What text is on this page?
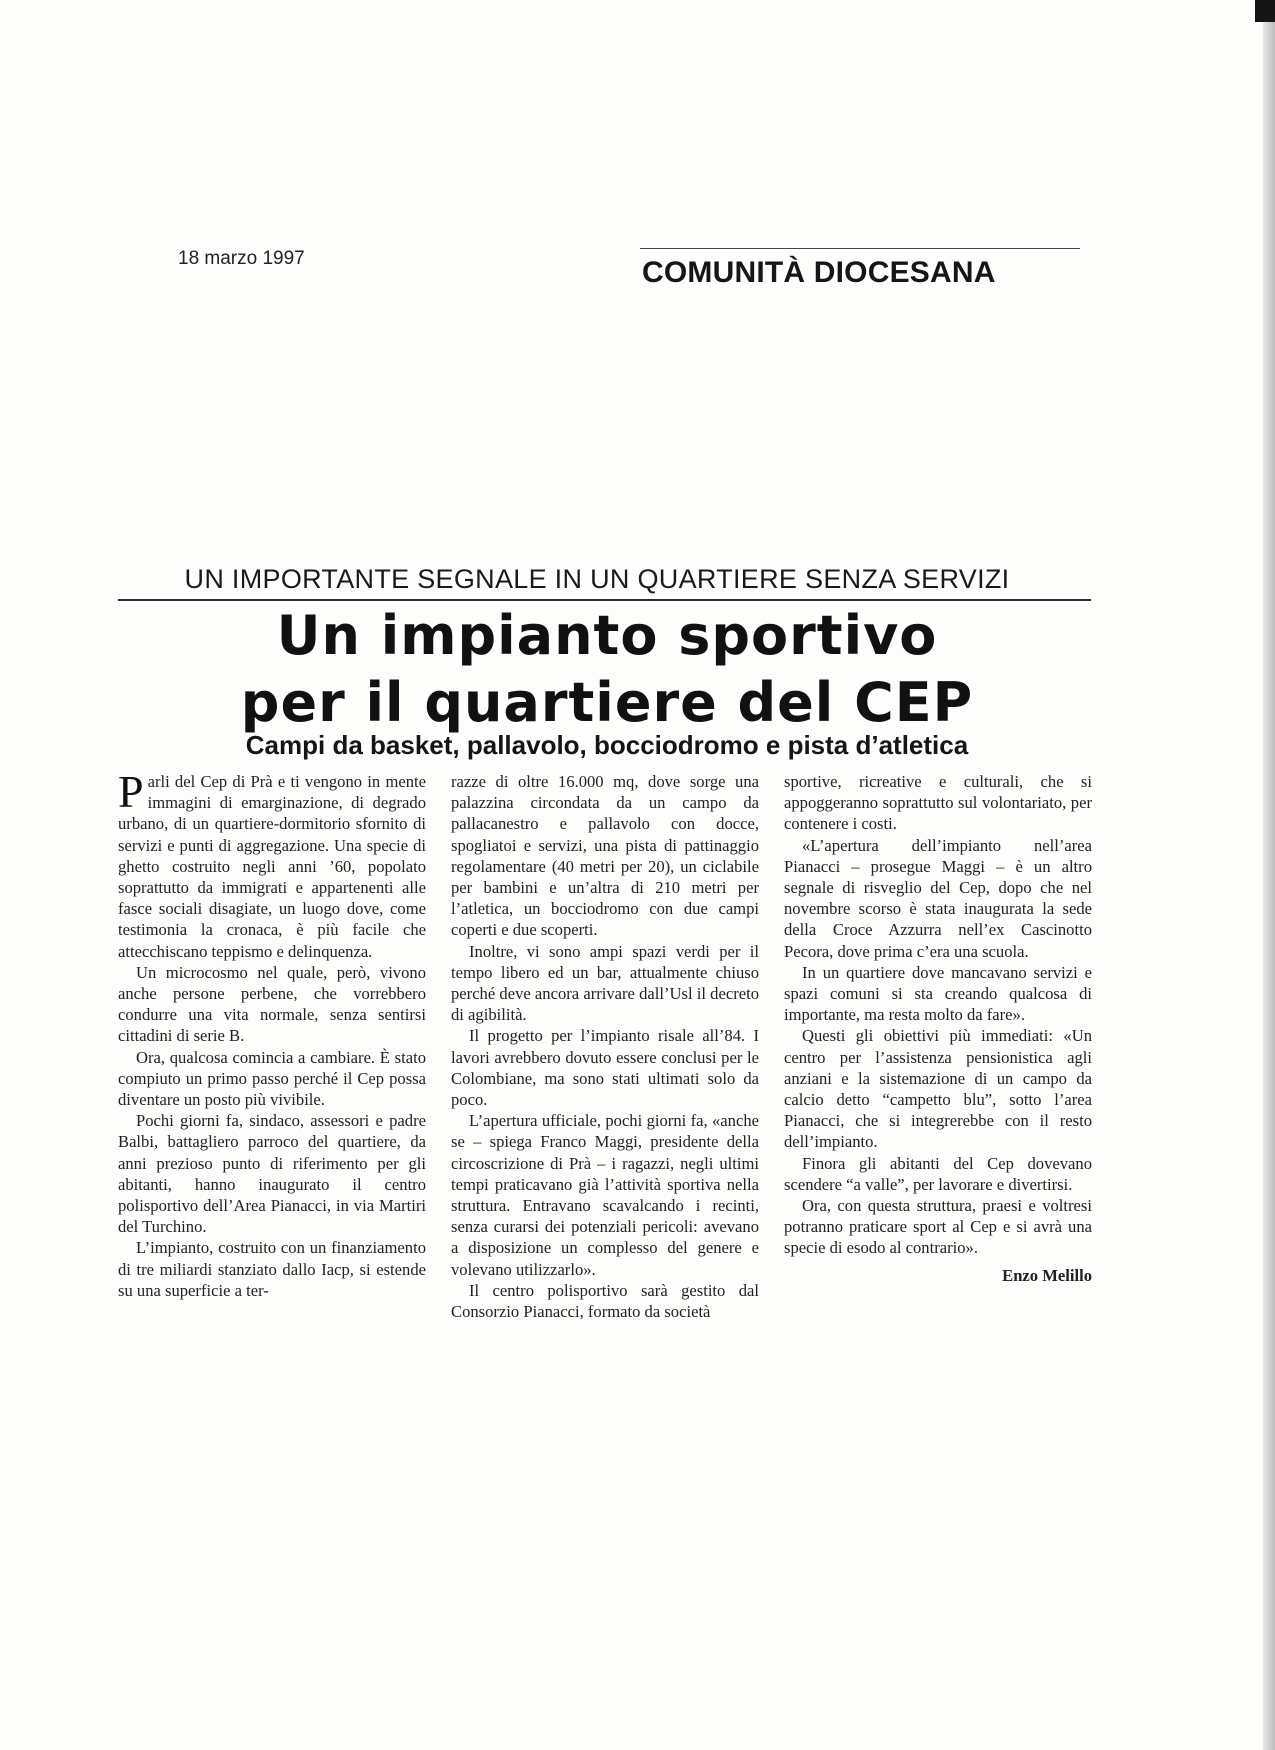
18 marzo 1997	COMUNITÀ DIOCESANA
UN IMPORTANTE SEGNALE IN UN QUARTIERE SENZA SERVIZI
Un impianto sportivo
per il quartiere del CEP
Campi da basket, pallavolo, bocciodromo e pista d’atletica

Parli del Cep di Prà e ti vengono in mente immagini di emarginazione, di degrado urbano, di un quartiere-dormitorio sfornito di servizi e punti di aggregazione. Una specie di ghetto costruito negli anni ’60, popolato soprattutto da immigrati e appartenenti alle fasce sociali disagiate, un luogo dove, come testimonia la cronaca, è più facile che attecchiscano teppismo e delinquenza.

Un microcosmo nel quale, però, vivono anche persone perbene, che vorrebbero condurre una vita normale, senza sentirsi cittadini di serie B.

Ora, qualcosa comincia a cambiare. È stato compiuto un primo passo perché il Cep possa diventare un posto più vivibile.

Pochi giorni fa, sindaco, assessori e padre Balbi, battagliero parroco del quartiere, da anni prezioso punto di riferimento per gli abitanti, hanno inaugurato il centro polisportivo dell’Area Pianacci, in via Martiri del Turchino.

L’impianto, costruito con un finanziamento di tre miliardi stanziato dallo Iacp, si estende su una superficie a ter-

razze di oltre 16.000 mq, dove sorge una palazzina circondata da un campo da pallacanestro e pallavolo con docce, spogliatoi e servizi, una pista di pattinaggio regolamentare (40 metri per 20), un ciclabile per bambini e un’altra di 210 metri per l’atletica, un bocciodromo con due campi coperti e due scoperti.

Inoltre, vi sono ampi spazi verdi per il tempo libero ed un bar, attualmente chiuso perché deve ancora arrivare dall’Usl il decreto di agibilità.

Il progetto per l’impianto risale all’84. I lavori avrebbero dovuto essere conclusi per le Colombiane, ma sono stati ultimati solo da poco.

L’apertura ufficiale, pochi giorni fa, «anche se – spiega Franco Maggi, presidente della circoscrizione di Prà – i ragazzi, negli ultimi tempi praticavano già l’attività sportiva nella struttura. Entravano scavalcando i recinti, senza curarsi dei potenziali pericoli: avevano a disposizione un complesso del genere e volevano utilizzarlo».

Il centro polisportivo sarà gestito dal Consorzio Pianacci, formato da società

sportive, ricreative e culturali, che si appoggeranno soprattutto sul volontariato, per contenere i costi.

«L’apertura dell’impianto nell’area Pianacci – prosegue Maggi – è un altro segnale di risveglio del Cep, dopo che nel novembre scorso è stata inaugurata la sede della Croce Azzurra nell’ex Cascinotto Pecora, dove prima c’era una scuola.

In un quartiere dove mancavano servizi e spazi comuni si sta creando qualcosa di importante, ma resta molto da fare».

Questi gli obiettivi più immediati: «Un centro per l’assistenza pensionistica agli anziani e la sistemazione di un campo da calcio detto “campetto blu”, sotto l’area Pianacci, che si integrerebbe con il resto dell’impianto.

Finora gli abitanti del Cep dovevano scendere “a valle”, per lavorare e divertirsi.

Ora, con questa struttura, praesi e voltresi potranno praticare sport al Cep e si avrà una specie di esodo al contrario».

Enzo Melillo
